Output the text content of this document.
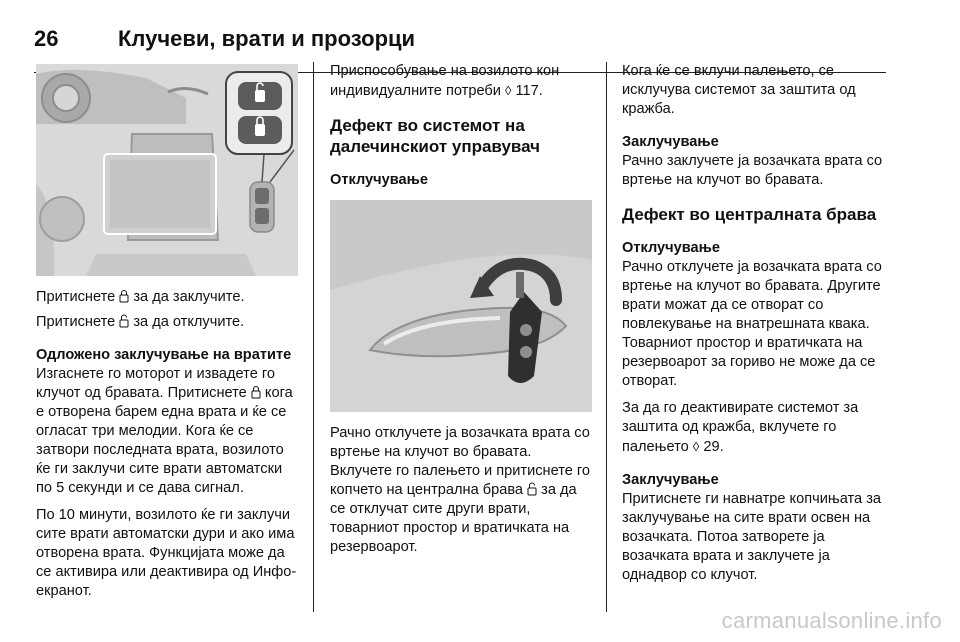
26	Клучеви, врати и прозорци

Притиснете  за да заклучите.

Притиснете  за да отклучите.

Одложено заклучување на вратите

Изгаснете го моторот и извадете го клучот од бравата. Притиснете  кога е отворена барем една врата и ќе се огласат три мелодии. Кога ќе се затвори последната врата, возилото ќе ги заклучи сите врати автоматски по 5 секунди и се дава сигнал.

По 10 минути, возилото ќе ги заклучи сите врати автоматски дури и ако има отворена врата. Функцијата може да се активира или деактивира од Инфо-екранот.

Приспособување на возилото кон индивидуалните потреби ◊ 117.

Дефект во системот на далечинскиот управувач

Отклучување

Рачно отклучете ја возачката врата со вртење на клучот во бравата. Вклучете го палењето и притиснете го копчето на централна брава  за да се отклучат сите други врати, товарниот простор и вратичката на резервоарот.

Кога ќе се вклучи палењето, се исклучува системот за заштита од кражба.

Заклучување

Рачно заклучете ја возачката врата со вртење на клучот во бравата.

Дефект во централната брава

Отклучување

Рачно отклучете ја возачката врата со вртење на клучот во бравата. Другите врати можат да се отворат со повлекување на внатрешната квака. Товарниот простор и вратичката на резервоарот за гориво не може да се отворат.

За да го деактивирате системот за заштита од кражба, вклучете го палењето ◊ 29.

Заклучување

Притиснете ги навнатре копчињата за заклучување на сите врати освен на возачката. Потоа затворете ја возачката врата и заклучете ја однадвор со клучот.

carmanualsonline.info
